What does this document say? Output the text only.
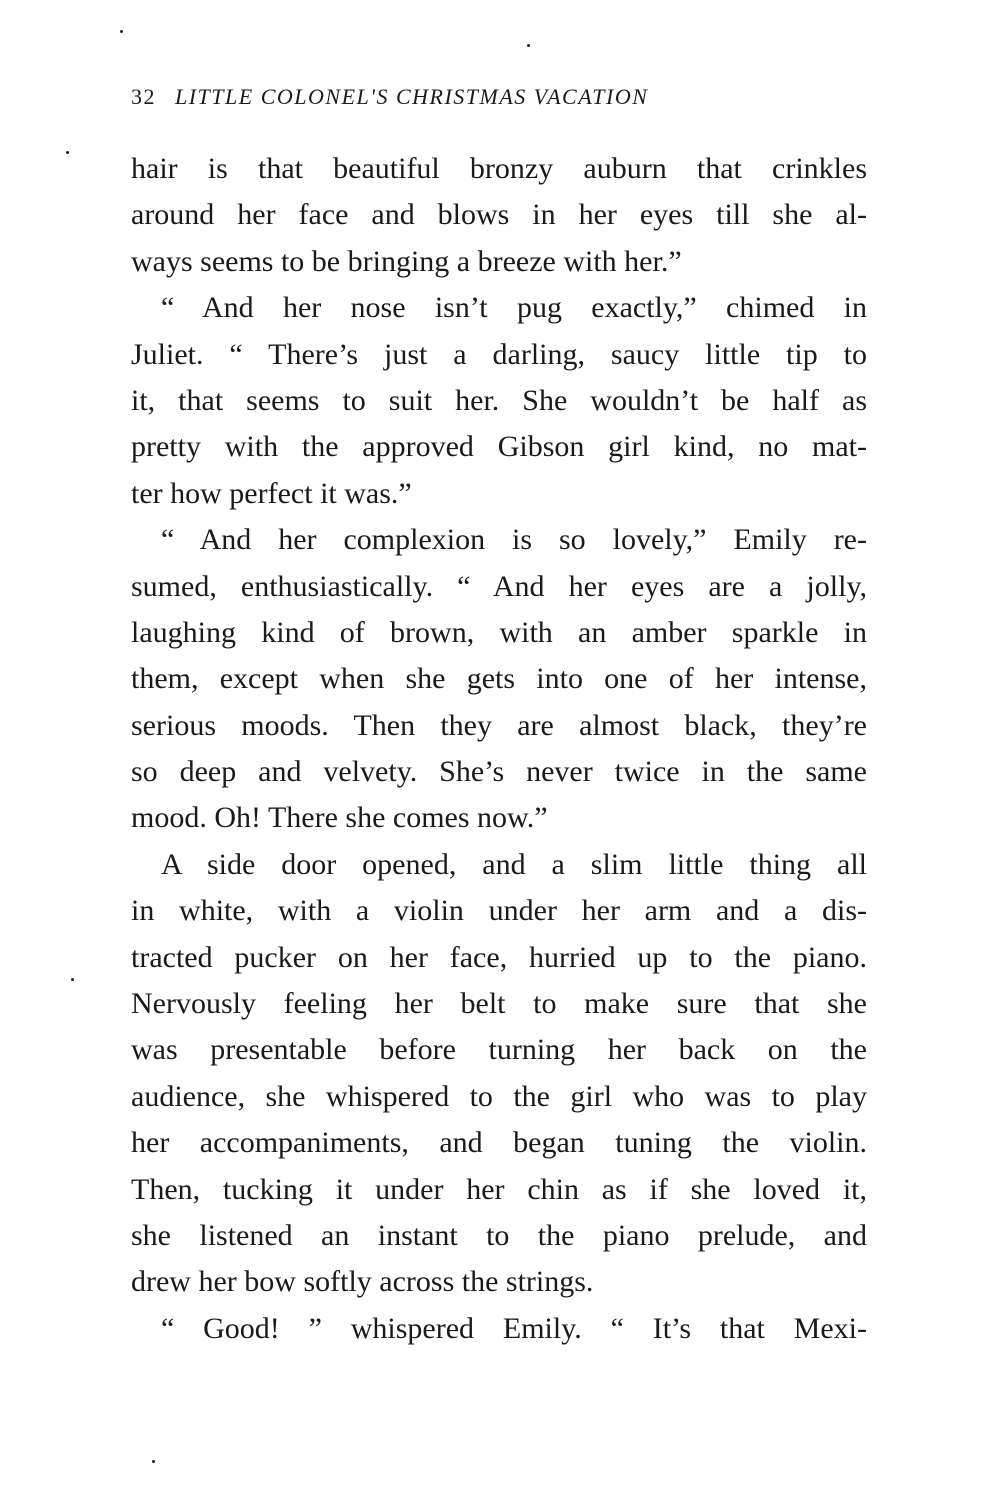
32 LITTLE COLONEL'S CHRISTMAS VACATION
hair is that beautiful bronzy auburn that crinkles
around her face and blows in her eyes till she al-
ways seems to be bringing a breeze with her.”
“ And her nose isn’t pug exactly,” chimed in
Juliet. “ There’s just a darling, saucy little tip to
it, that seems to suit her. She wouldn’t be half as
pretty with the approved Gibson girl kind, no mat-
ter how perfect it was.”
“ And her complexion is so lovely,” Emily re-
sumed, enthusiastically. “ And her eyes are a jolly,
laughing kind of brown, with an amber sparkle in
them, except when she gets into one of her intense,
serious moods. Then they are almost black, they’re
so deep and velvety. She’s never twice in the same
mood. Oh! There she comes now.”
A side door opened, and a slim little thing all
in white, with a violin under her arm and a dis-
tracted pucker on her face, hurried up to the piano.
Nervously feeling her belt to make sure that she
was presentable before turning her back on the
audience, she whispered to the girl who was to play
her accompaniments, and began tuning the violin.
Then, tucking it under her chin as if she loved it,
she listened an instant to the piano prelude, and
drew her bow softly across the strings.
“ Good! ” whispered Emily. “ It’s that Mexi-
